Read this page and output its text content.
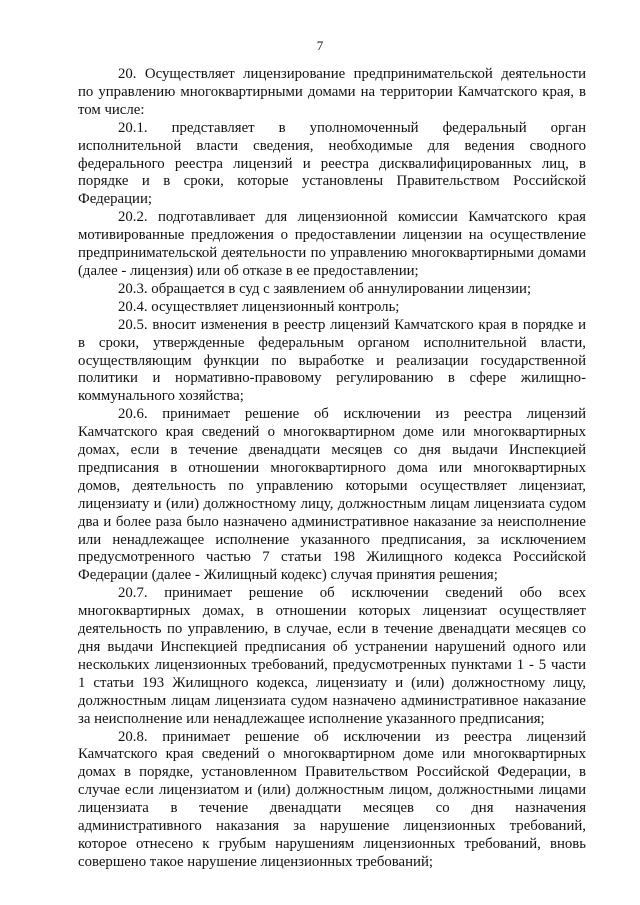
7

20. Осуществляет лицензирование предпринимательской деятельности по управлению многоквартирными домами на территории Камчатского края, в том числе:

20.1. представляет в уполномоченный федеральный орган исполнительной власти сведения, необходимые для ведения сводного федерального реестра лицензий и реестра дисквалифицированных лиц, в порядке и в сроки, которые установлены Правительством Российской Федерации;

20.2. подготавливает для лицензионной комиссии Камчатского края мотивированные предложения о предоставлении лицензии на осуществление предпринимательской деятельности по управлению многоквартирными домами (далее - лицензия) или об отказе в ее предоставлении;

20.3. обращается в суд с заявлением об аннулировании лицензии;

20.4. осуществляет лицензионный контроль;

20.5. вносит изменения в реестр лицензий Камчатского края в порядке и в сроки, утвержденные федеральным органом исполнительной власти, осуществляющим функции по выработке и реализации государственной политики и нормативно-правовому регулированию в сфере жилищно-коммунального хозяйства;

20.6. принимает решение об исключении из реестра лицензий Камчатского края сведений о многоквартирном доме или многоквартирных домах, если в течение двенадцати месяцев со дня выдачи Инспекцией предписания в отношении многоквартирного дома или многоквартирных домов, деятельность по управлению которыми осуществляет лицензиат, лицензиату и (или) должностному лицу, должностным лицам лицензиата судом два и более раза было назначено административное наказание за неисполнение или ненадлежащее исполнение указанного предписания, за исключением предусмотренного частью 7 статьи 198 Жилищного кодекса Российской Федерации (далее - Жилищный кодекс) случая принятия решения;

20.7. принимает решение об исключении сведений обо всех многоквартирных домах, в отношении которых лицензиат осуществляет деятельность по управлению, в случае, если в течение двенадцати месяцев со дня выдачи Инспекцией предписания об устранении нарушений одного или нескольких лицензионных требований, предусмотренных пунктами 1 - 5 части 1 статьи 193 Жилищного кодекса, лицензиату и (или) должностному лицу, должностным лицам лицензиата судом назначено административное наказание за неисполнение или ненадлежащее исполнение указанного предписания;

20.8. принимает решение об исключении из реестра лицензий Камчатского края сведений о многоквартирном доме или многоквартирных домах в порядке, установленном Правительством Российской Федерации, в случае если лицензиатом и (или) должностным лицом, должностными лицами лицензиата в течение двенадцати месяцев со дня назначения административного наказания за нарушение лицензионных требований, которое отнесено к грубым нарушениям лицензионных требований, вновь совершено такое нарушение лицензионных требований;
